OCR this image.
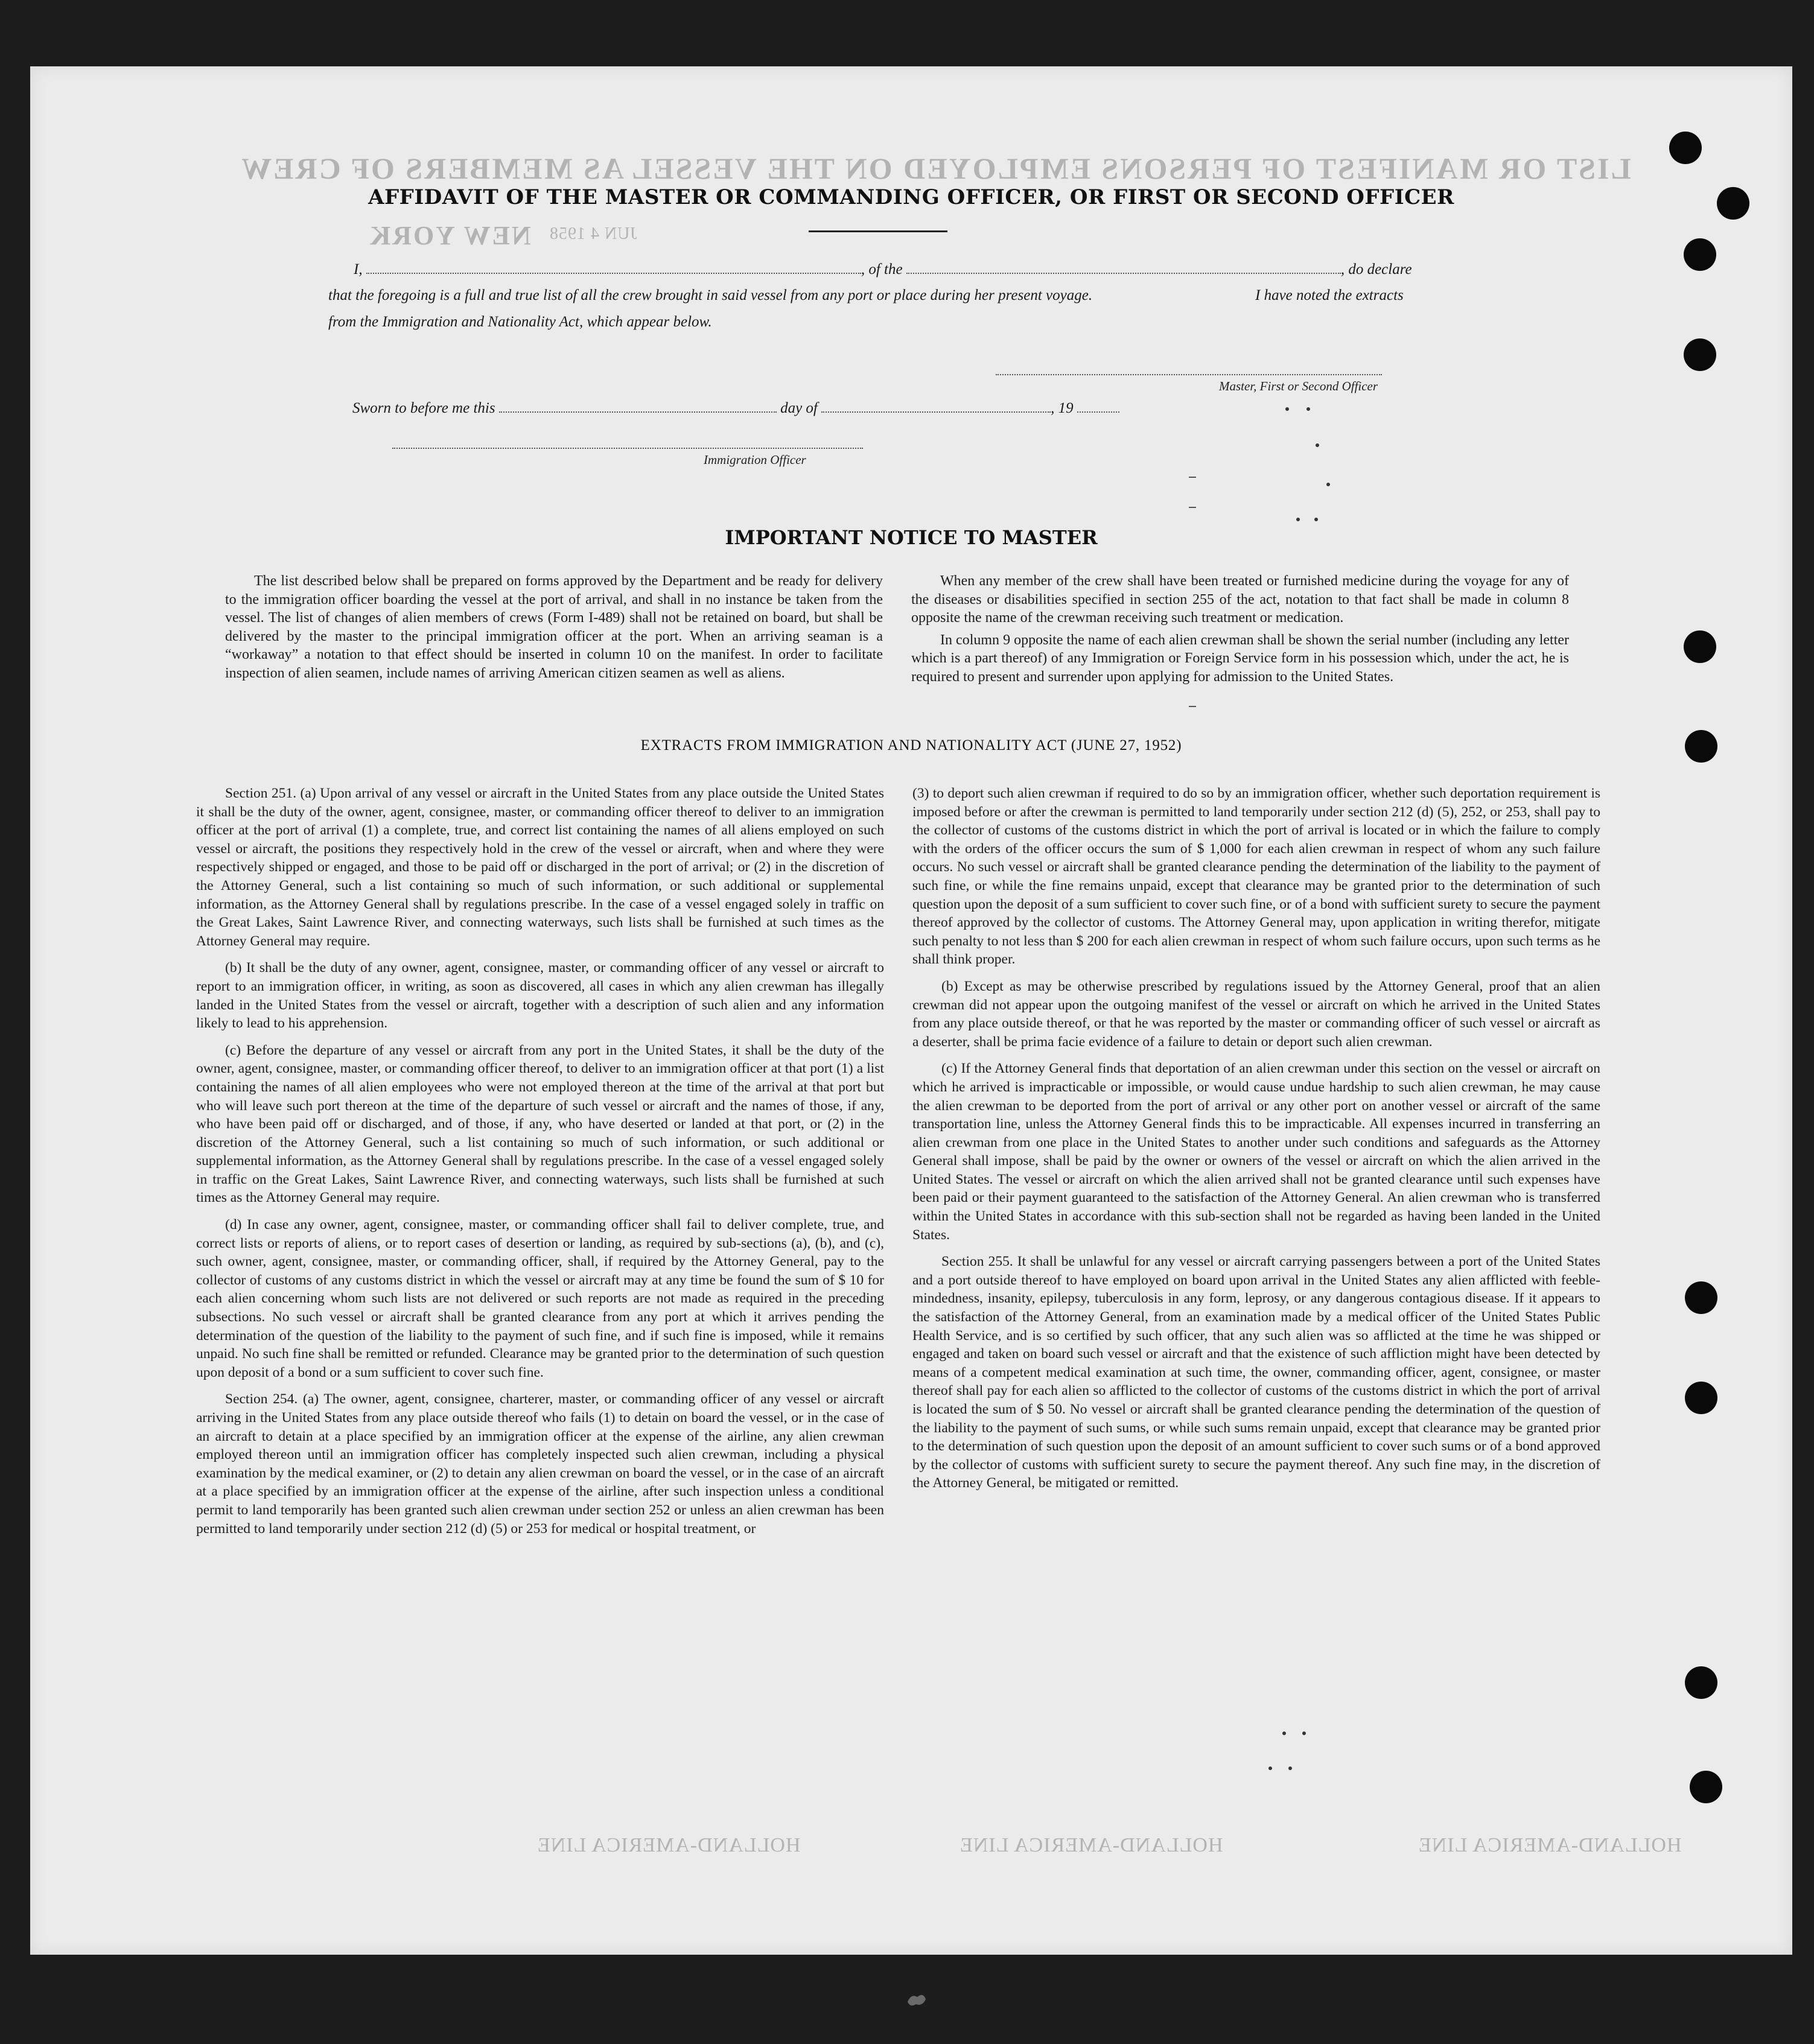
LIST OR MANIFEST OF PERSONS EMPLOYED ON THE VESSEL AS MEMBERS OF CREW
NEW YORK JUN 4 1958
HOLLAND-AMERICA LINE	HOLLAND-AMERICA LINE	HOLLAND-AMERICA LINE
AFFIDAVIT OF THE MASTER OR COMMANDING OFFICER, OR FIRST OR SECOND OFFICER
I,	, of the	, do declare
that the foregoing is a full and true list of all the crew brought in said vessel from any port or place during her present voyage.	I have noted the extracts
from the Immigration and Nationality Act, which appear below.
Master, First or Second Officer
Sworn to before me this	day of	, 19
Immigration Officer
IMPORTANT NOTICE TO MASTER
The list described below shall be prepared on forms approved by the Department and be ready for delivery to the immigration officer boarding the vessel at the port of arrival, and shall in no instance be taken from the vessel. The list of changes of alien members of crews (Form I-489) shall not be retained on board, but shall be delivered by the master to the principal immigration officer at the port. When an arriving seaman is a “workaway” a notation to that effect should be inserted in column 10 on the manifest. In order to facilitate inspection of alien seamen, include names of arriving American citizen seamen as well as aliens.

When any member of the crew shall have been treated or furnished medicine during the voyage for any of the diseases or disabilities specified in section 255 of the act, notation to that fact shall be made in column 8 opposite the name of the crewman receiving such treatment or medication.

In column 9 opposite the name of each alien crewman shall be shown the serial number (including any letter which is a part thereof) of any Immigration or Foreign Service form in his possession which, under the act, he is required to present and surrender upon applying for admission to the United States.

EXTRACTS FROM IMMIGRATION AND NATIONALITY ACT (JUNE 27, 1952)

Section 251. (a) Upon arrival of any vessel or aircraft in the United States from any place outside the United States it shall be the duty of the owner, agent, consignee, master, or commanding officer thereof to deliver to an immigration officer at the port of arrival (1) a complete, true, and correct list containing the names of all aliens employed on such vessel or aircraft, the positions they respectively hold in the crew of the vessel or aircraft, when and where they were respectively shipped or engaged, and those to be paid off or discharged in the port of arrival; or (2) in the discretion of the Attorney General, such a list containing so much of such information, or such additional or supplemental information, as the Attorney General shall by regulations prescribe. In the case of a vessel engaged solely in traffic on the Great Lakes, Saint Lawrence River, and connecting waterways, such lists shall be furnished at such times as the Attorney General may require.

(b) It shall be the duty of any owner, agent, consignee, master, or commanding officer of any vessel or aircraft to report to an immigration officer, in writing, as soon as discovered, all cases in which any alien crewman has illegally landed in the United States from the vessel or aircraft, together with a description of such alien and any information likely to lead to his apprehension.

(c) Before the departure of any vessel or aircraft from any port in the United States, it shall be the duty of the owner, agent, consignee, master, or commanding officer thereof, to deliver to an immigration officer at that port (1) a list containing the names of all alien employees who were not employed thereon at the time of the arrival at that port but who will leave such port thereon at the time of the departure of such vessel or aircraft and the names of those, if any, who have been paid off or discharged, and of those, if any, who have deserted or landed at that port, or (2) in the discretion of the Attorney General, such a list containing so much of such information, or such additional or supplemental information, as the Attorney General shall by regulations prescribe. In the case of a vessel engaged solely in traffic on the Great Lakes, Saint Lawrence River, and connecting waterways, such lists shall be furnished at such times as the Attorney General may require.

(d) In case any owner, agent, consignee, master, or commanding officer shall fail to deliver complete, true, and correct lists or reports of aliens, or to report cases of desertion or landing, as required by sub-sections (a), (b), and (c), such owner, agent, consignee, master, or commanding officer, shall, if required by the Attorney General, pay to the collector of customs of any customs district in which the vessel or aircraft may at any time be found the sum of $ 10 for each alien concerning whom such lists are not delivered or such reports are not made as required in the preceding subsections. No such vessel or aircraft shall be granted clearance from any port at which it arrives pending the determination of the question of the liability to the payment of such fine, and if such fine is imposed, while it remains unpaid. No such fine shall be remitted or refunded. Clearance may be granted prior to the determination of such question upon deposit of a bond or a sum sufficient to cover such fine.

Section 254. (a) The owner, agent, consignee, charterer, master, or commanding officer of any vessel or aircraft arriving in the United States from any place outside thereof who fails (1) to detain on board the vessel, or in the case of an aircraft to detain at a place specified by an immigration officer at the expense of the airline, any alien crewman employed thereon until an immigration officer has completely inspected such alien crewman, including a physical examination by the medical examiner, or (2) to detain any alien crewman on board the vessel, or in the case of an aircraft at a place specified by an immigration officer at the expense of the airline, after such inspection unless a conditional permit to land temporarily has been granted such alien crewman under section 252 or unless an alien crewman has been permitted to land temporarily under section 212 (d) (5) or 253 for medical or hospital treatment, or

(3) to deport such alien crewman if required to do so by an immigration officer, whether such deportation requirement is imposed before or after the crewman is permitted to land temporarily under section 212 (d) (5), 252, or 253, shall pay to the collector of customs of the customs district in which the port of arrival is located or in which the failure to comply with the orders of the officer occurs the sum of $ 1,000 for each alien crewman in respect of whom any such failure occurs. No such vessel or aircraft shall be granted clearance pending the determination of the liability to the payment of such fine, or while the fine remains unpaid, except that clearance may be granted prior to the determination of such question upon the deposit of a sum sufficient to cover such fine, or of a bond with sufficient surety to secure the payment thereof approved by the collector of customs. The Attorney General may, upon application in writing therefor, mitigate such penalty to not less than $ 200 for each alien crewman in respect of whom such failure occurs, upon such terms as he shall think proper.

(b) Except as may be otherwise prescribed by regulations issued by the Attorney General, proof that an alien crewman did not appear upon the outgoing manifest of the vessel or aircraft on which he arrived in the United States from any place outside thereof, or that he was reported by the master or commanding officer of such vessel or aircraft as a deserter, shall be prima facie evidence of a failure to detain or deport such alien crewman.

(c) If the Attorney General finds that deportation of an alien crewman under this section on the vessel or aircraft on which he arrived is impracticable or impossible, or would cause undue hardship to such alien crewman, he may cause the alien crewman to be deported from the port of arrival or any other port on another vessel or aircraft of the same transportation line, unless the Attorney General finds this to be impracticable. All expenses incurred in transferring an alien crewman from one place in the United States to another under such conditions and safeguards as the Attorney General shall impose, shall be paid by the owner or owners of the vessel or aircraft on which the alien arrived in the United States. The vessel or aircraft on which the alien arrived shall not be granted clearance until such expenses have been paid or their payment guaranteed to the satisfaction of the Attorney General. An alien crewman who is transferred within the United States in accordance with this sub-section shall not be regarded as having been landed in the United States.

Section 255. It shall be unlawful for any vessel or aircraft carrying passengers between a port of the United States and a port outside thereof to have employed on board upon arrival in the United States any alien afflicted with feeble-mindedness, insanity, epilepsy, tuberculosis in any form, leprosy, or any dangerous contagious disease. If it appears to the satisfaction of the Attorney General, from an examination made by a medical officer of the United States Public Health Service, and is so certified by such officer, that any such alien was so afflicted at the time he was shipped or engaged and taken on board such vessel or aircraft and that the existence of such affliction might have been detected by means of a competent medical examination at such time, the owner, commanding officer, agent, consignee, or master thereof shall pay for each alien so afflicted to the collector of customs of the customs district in which the port of arrival is located the sum of $ 50. No vessel or aircraft shall be granted clearance pending the determination of the question of the liability to the payment of such sums, or while such sums remain unpaid, except that clearance may be granted prior to the determination of such question upon the deposit of an amount sufficient to cover such sums or of a bond approved by the collector of customs with sufficient surety to secure the payment thereof. Any such fine may, in the discretion of the Attorney General, be mitigated or remitted.
